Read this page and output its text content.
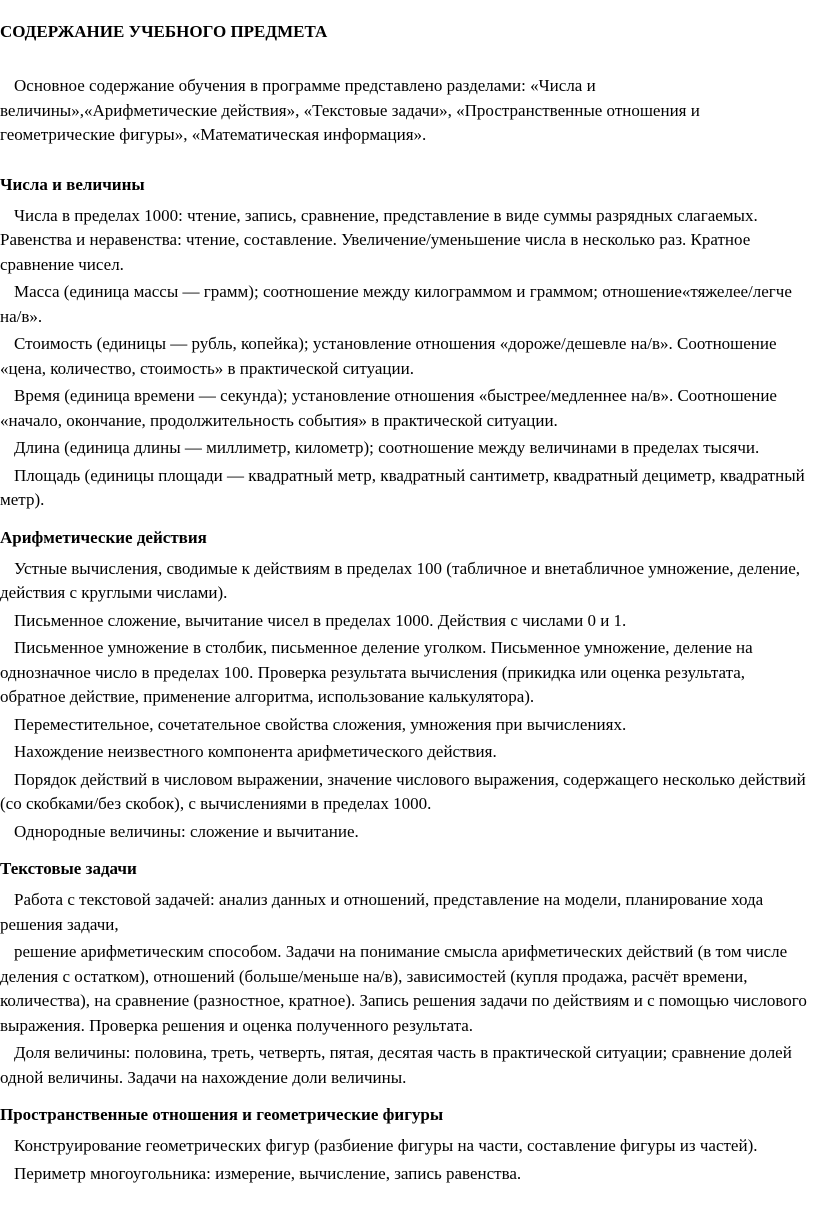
СОДЕРЖАНИЕ УЧЕБНОГО ПРЕДМЕТА

Основное содержание обучения в программе представлено разделами: «Числа и величины»,«Арифметические действия», «Текстовые задачи», «Пространственные отношения и геометрические фигуры», «Математическая информация».

Числа и величины

Числа в пределах 1000: чтение, запись, сравнение, представление в виде суммы разрядных слагаемых. Равенства и неравенства: чтение, составление. Увеличение/уменьшение числа в несколько раз. Кратное сравнение чисел.

Масса (единица массы — грамм); соотношение между килограммом и граммом; отношение«тяжелее/легче на/в».

Стоимость (единицы — рубль, копейка); установление отношения «дороже/дешевле на/в». Соотношение «цена, количество, стоимость» в практической ситуации.

Время (единица времени — секунда); установление отношения «быстрее/медленнее на/в». Соотношение «начало, окончание, продолжительность события» в практической ситуации.

Длина (единица длины — миллиметр, километр); соотношение между величинами в пределах тысячи.

Площадь (единицы площади — квадратный метр, квадратный сантиметр, квадратный дециметр, квадратный метр).

Арифметические действия

Устные вычисления, сводимые к действиям в пределах 100 (табличное и внетабличное умножение, деление, действия с круглыми числами).

Письменное сложение, вычитание чисел в пределах 1000. Действия с числами 0 и 1.

Письменное умножение в столбик, письменное деление уголком. Письменное умножение, деление на однозначное число в пределах 100. Проверка результата вычисления (прикидка или оценка результата, обратное действие, применение алгоритма, использование калькулятора).

Переместительное, сочетательное свойства сложения, умножения при вычислениях.

Нахождение неизвестного компонента арифметического действия.

Порядок действий в числовом выражении, значение числового выражения, содержащего несколько действий (со скобками/без скобок), с вычислениями в пределах 1000.

Однородные величины: сложение и вычитание.

Текстовые задачи

Работа с текстовой задачей: анализ данных и отношений, представление на модели, планирование хода решения задачи,

решение арифметическим способом. Задачи на понимание смысла арифметических действий (в том числе деления с остатком), отношений (больше/меньше на/в), зависимостей (купля продажа, расчёт времени, количества), на сравнение (разностное, кратное). Запись решения задачи по действиям и с помощью числового выражения. Проверка решения и оценка полученного результата.

Доля величины: половина, треть, четверть, пятая, десятая часть в практической ситуации; сравнение долей одной величины. Задачи на нахождение доли величины.

Пространственные отношения и геометрические фигуры

Конструирование геометрических фигур (разбиение фигуры на части, составление фигуры из частей).

Периметр многоугольника: измерение, вычисление, запись равенства.
